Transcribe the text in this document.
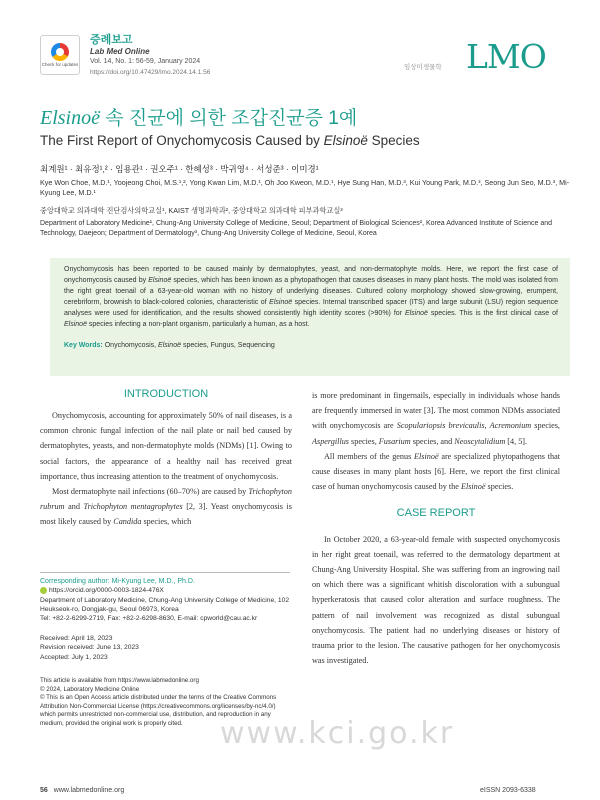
Check for updates
증례보고
Lab Med Online
Vol. 14, No. 1: 56-59, January 2024
https://doi.org/10.47429/lmo.2024.14.1.56
임상미생물학 LMO
Elsinoë 속 진균에 의한 조갑진균증 1예
The First Report of Onychomycosis Caused by Elsinoë Species
최계원¹ · 최유정¹,² · 임용관¹ · 권오주¹ · 한혜성³ · 박귀영⁴ · 서성준³ · 이미경¹
Kye Won Choe, M.D.¹, Yoojeong Choi, M.S.¹,², Yong Kwan Lim, M.D.¹, Oh Joo Kweon, M.D.¹, Hye Sung Han, M.D.³, Kui Young Park, M.D.³, Seong Jun Seo, M.D.³, Mi-Kyung Lee, M.D.¹
중앙대학교 의과대학 진단검사의학교실¹, KAIST 생명과학과², 중앙대학교 의과대학 피부과학교실³
Department of Laboratory Medicine¹, Chung-Ang University College of Medicine, Seoul; Department of Biological Sciences², Korea Advanced Institute of Science and Technology, Daejeon; Department of Dermatology³, Chung-Ang University College of Medicine, Seoul, Korea
Onychomycosis has been reported to be caused mainly by dermatophytes, yeast, and non-dermatophyte molds. Here, we report the first case of onychomycosis caused by Elsinoë species, which has been known as a phytopathogen that causes diseases in many plant hosts. The mold was isolated from the right great toenail of a 63-year-old woman with no history of underlying diseases. Cultured colony morphology showed slow-growing, erumpent, cerebriform, brownish to black-colored colonies, characteristic of Elsinoë species. Internal transcribed spacer (ITS) and large subunit (LSU) region sequence analyses were used for identification, and the results showed consistently high identity scores (>90%) for Elsinoë species. This is the first clinical case of Elsinoë species infecting a non-plant organism, particularly a human, as a host.
Key Words: Onychomycosis, Elsinoë species, Fungus, Sequencing
INTRODUCTION

Onychomycosis, accounting for approximately 50% of nail diseases, is a common chronic fungal infection of the nail plate or nail bed caused by dermatophytes, yeasts, and non-dermatophyte molds (NDMs) [1]. Owing to social factors, the appearance of a healthy nail has received great importance, thus increasing attention to the treatment of onychomycosis.

Most dermatophyte nail infections (60–70%) are caused by Trichophyton rubrum and Trichophyton mentagrophytes [2, 3]. Yeast onychomycosis is most likely caused by Candida species, which

is more predominant in fingernails, especially in individuals whose hands are frequently immersed in water [3]. The most common NDMs associated with onychomycosis are Scopulariopsis brevicaulis, Acremonium species, Aspergillus species, Fusarium species, and Neoscytalidium [4, 5].

All members of the genus Elsinoë are specialized phytopathogens that cause diseases in many plant hosts [6]. Here, we report the first clinical case of human onychomycosis caused by the Elsinoë species.

CASE REPORT

In October 2020, a 63-year-old female with suspected onychomycosis in her right great toenail, was referred to the dermatology department at Chung-Ang University Hospital. She was suffering from an ingrowing nail on which there was a significant whitish discoloration with a subungual hyperkeratosis that caused color alteration and surface roughness. The pattern of nail involvement was recognized as distal subungual onychomycosis. The patient had no underlying diseases or history of trauma prior to the lesion. The causative pathogen for her onychomycosis was investigated.

Corresponding author: Mi-Kyung Lee, M.D., Ph.D.
https://orcid.org/0000-0003-1824-476X
Department of Laboratory Medicine, Chung-Ang University College of Medicine, 102 Heukseok-ro, Dongjak-gu, Seoul 06973, Korea
Tel: +82-2-6299-2719, Fax: +82-2-6298-8630, E-mail: cpworld@cau.ac.kr
Received: April 18, 2023
Revision received: June 13, 2023
Accepted: July 1, 2023
This article is available from https://www.labmedonline.org
© 2024, Laboratory Medicine Online
© This is an Open Access article distributed under the terms of the Creative Commons Attribution Non-Commercial License (https://creativecommons.org/licenses/by-nc/4.0/) which permits unrestricted non-commercial use, distribution, and reproduction in any medium, provided the original work is properly cited.	www.kci.go.kr
56 www.labmedonline.org	eISSN 2093-6338
